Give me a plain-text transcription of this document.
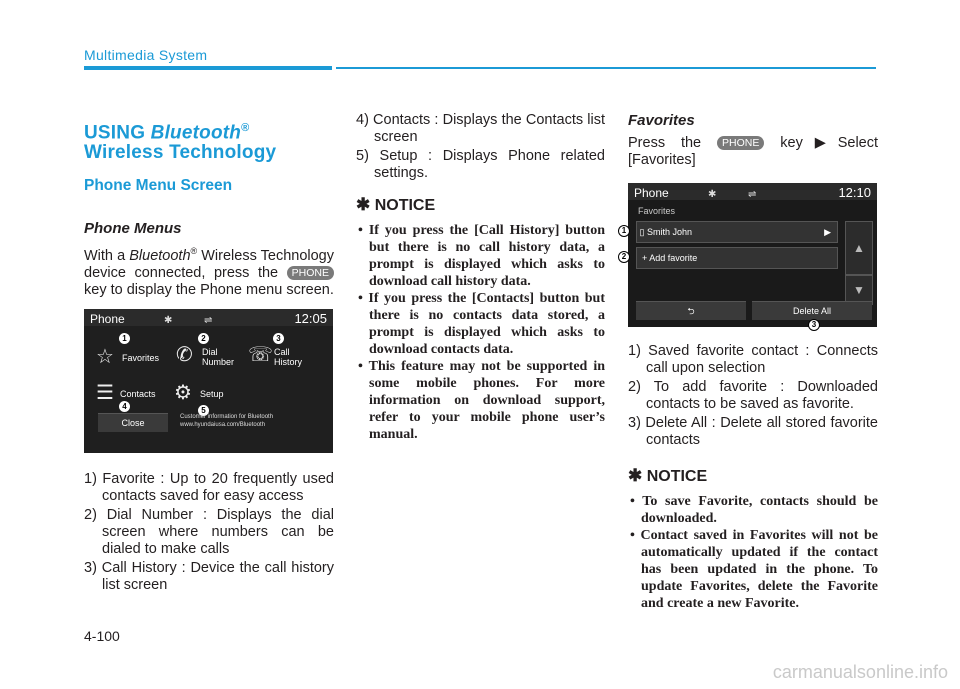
Multimedia System
USING Bluetooth® Wireless Technology
Phone Menu Screen
Phone Menus

With a Bluetooth® Wireless Technology device connected, press the PHONE key to display the Phone menu screen.

Phone	✱	⇌	12:05
1	2	3
☆ Favorites ✆ Dial
Number ☏ Call
History
☰ Contacts ⚙ Setup
4	5
Close
Customer information for Bluetooth
www.hyundaiusa.com/Bluetooth
1) Favorite : Up to 20 frequently used contacts saved for easy access
2) Dial Number : Displays the dial screen where numbers can be dialed to make calls
3) Call History : Device the call history list screen
4) Contacts : Displays the Contacts list screen
5) Setup : Displays Phone related settings.
✱ NOTICE
• If you press the [Call History] button but there is no call history data, a prompt is displayed which asks to download call history data.
• If you press the [Contacts] button but there is no contacts data stored, a prompt is displayed which asks to download contacts data.
• This feature may not be supported in some mobile phones. For more information on download support, refer to your mobile phone user’s manual.
Favorites

Press the PHONE key▶Select [Favorites]

Phone	✱	⇌	12:10
Favorites
▯ Smith John	▶
+ Add favorite
▲
▼
⮌	Delete All
1
2
3
1) Saved favorite contact : Connects call upon selection
2) To add favorite : Downloaded contacts to be saved as favorite.
3) Delete All : Delete all stored favorite contacts
✱ NOTICE
• To save Favorite, contacts should be downloaded.
• Contact saved in Favorites will not be automatically updated if the contact has been updated in the phone. To update Favorites, delete the Favorite and create a new Favorite.
4-100
carmanualsonline.info
